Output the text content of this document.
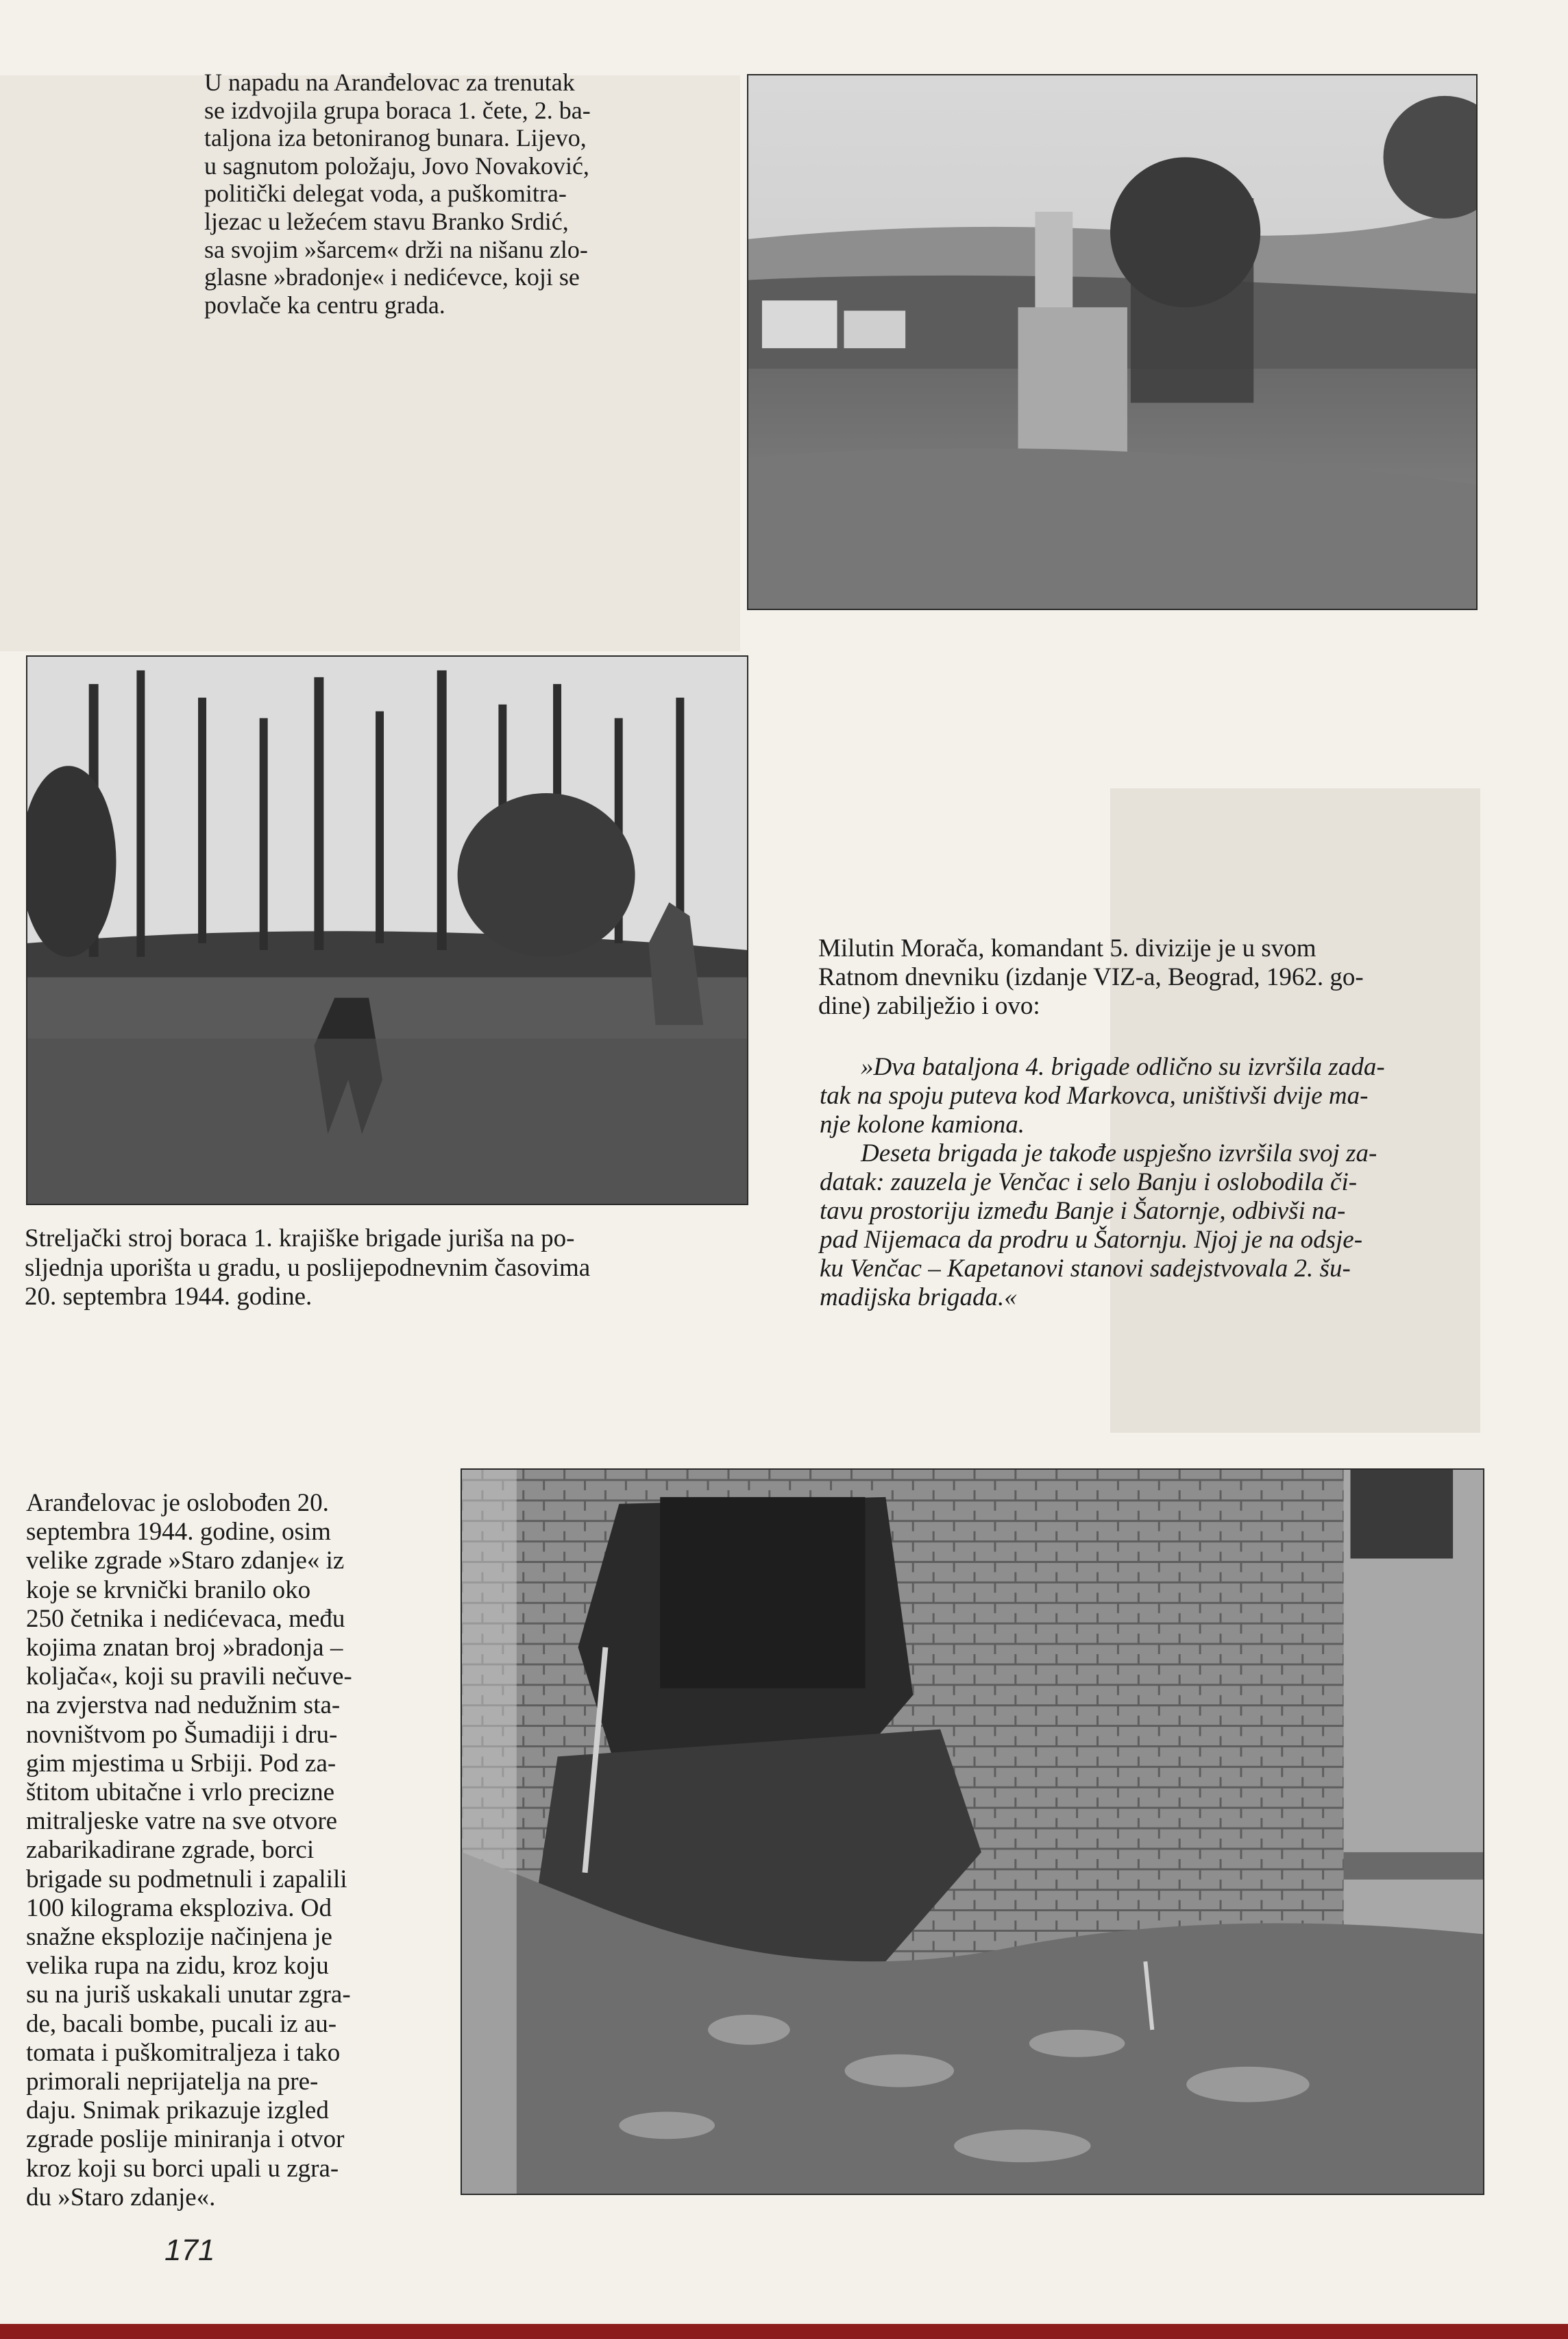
U napadu na Aranđelovac za trenutak
se izdvojila grupa boraca 1. čete, 2. ba-
taljona iza betoniranog bunara. Lijevo,
u sagnutom položaju, Jovo Novaković,
politički delegat voda, a puškomitra-
ljezac u ležećem stavu Branko Srdić,
sa svojim »šarcem« drži na nišanu zlo-
glasne »bradonje« i nedićevce, koji se
povlače ka centru grada.

Streljački stroj boraca 1. krajiške brigade juriša na po-
sljednja uporišta u gradu, u poslijepodnevnim časovima
20. septembra 1944. godine.

Milutin Morača, komandant 5. divizije je u svom
Ratnom dnevniku (izdanje VIZ-a, Beograd, 1962. go-
dine) zabilježio i ovo:

»Dva bataljona 4. brigade odlično su izvršila zada-
tak na spoju puteva kod Markovca, uništivši dvije ma-
nje kolone kamiona.

Deseta brigada je takođe uspješno izvršila svoj za-
datak: zauzela je Venčac i selo Banju i oslobodila či-
tavu prostoriju između Banje i Šatornje, odbivši na-
pad Nijemaca da prodru u Šatornju. Njoj je na odsje-
ku Venčac – Kapetanovi stanovi sadejstvovala 2. šu-
madijska brigada.«

Aranđelovac je oslobođen 20.
septembra 1944. godine, osim
velike zgrade »Staro zdanje« iz
koje se krvnički branilo oko
250 četnika i nedićevaca, među
kojima znatan broj »bradonja –
koljača«, koji su pravili nečuve-
na zvjerstva nad nedužnim sta-
novništvom po Šumadiji i dru-
gim mjestima u Srbiji. Pod za-
štitom ubitačne i vrlo precizne
mitraljeske vatre na sve otvore
zabarikadirane zgrade, borci
brigade su podmetnuli i zapalili
100 kilograma eksploziva. Od
snažne eksplozije načinjena je
velika rupa na zidu, kroz koju
su na juriš uskakali unutar zgra-
de, bacali bombe, pucali iz au-
tomata i puškomitraljeza i tako
primorali neprijatelja na pre-
daju. Snimak prikazuje izgled
zgrade poslije miniranja i otvor
kroz koji su borci upali u zgra-
du »Staro zdanje«.

171
